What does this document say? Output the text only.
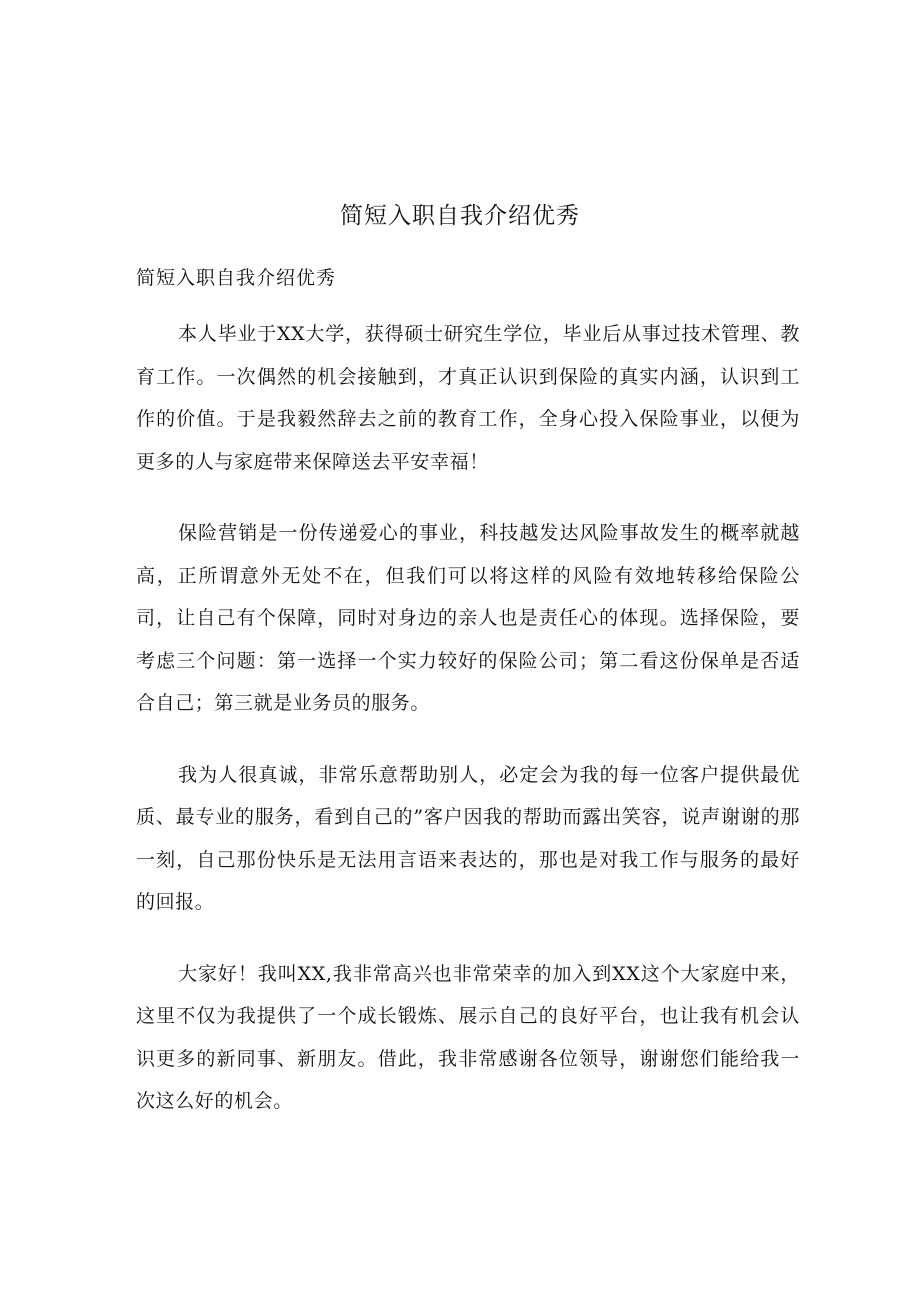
简短入职自我介绍优秀

简短入职自我介绍优秀

本人毕业于XX大学，获得硕士研究生学位，毕业后从事过技术管理、教育工作。一次偶然的机会接触到，才真正认识到保险的真实内涵，认识到工作的价值。于是我毅然辞去之前的教育工作，全身心投入保险事业，以便为更多的人与家庭带来保障送去平安幸福！

保险营销是一份传递爱心的事业，科技越发达风险事故发生的概率就越高，正所谓意外无处不在，但我们可以将这样的风险有效地转移给保险公司，让自己有个保障，同时对身边的亲人也是责任心的体现。选择保险，要考虑三个问题：第一选择一个实力较好的保险公司；第二看这份保单是否适合自己；第三就是业务员的服务。

我为人很真诚，非常乐意帮助别人，必定会为我的每一位客户提供最优质、最专业的服务，看到自己的”客户因我的帮助而露出笑容，说声谢谢的那一刻，自己那份快乐是无法用言语来表达的，那也是对我工作与服务的最好的回报。

大家好！我叫XX,我非常高兴也非常荣幸的加入到XX这个大家庭中来，这里不仅为我提供了一个成长锻炼、展示自己的良好平台，也让我有机会认识更多的新同事、新朋友。借此，我非常感谢各位领导，谢谢您们能给我一次这么好的机会。
